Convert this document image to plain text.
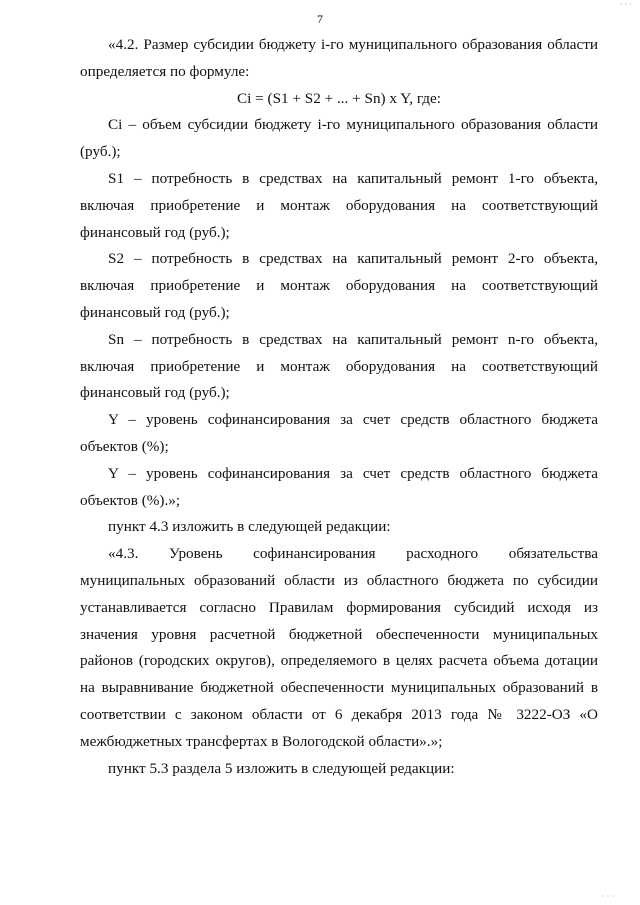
· · ·
7

«4.2. Размер субсидии бюджету i-го муниципального образования области определяется по формуле:

Ci = (S1 + S2 + ... + Sn) x Y, где:

Ci – объем субсидии бюджету i-го муниципального образования области (руб.);

S1 – потребность в средствах на капитальный ремонт 1-го объекта, включая приобретение и монтаж оборудования на соответствующий финансовый год (руб.);

S2 – потребность в средствах на капитальный ремонт 2-го объекта, включая приобретение и монтаж оборудования на соответствующий финансовый год (руб.);

Sn – потребность в средствах на капитальный ремонт n-го объекта, включая приобретение и монтаж оборудования на соответствующий финансовый год (руб.);

Y – уровень софинансирования за счет средств областного бюджета объектов (%);

Y – уровень софинансирования за счет средств областного бюджета объектов (%).»;

пункт 4.3 изложить в следующей редакции:

«4.3. Уровень софинансирования расходного обязательства муниципальных образований области из областного бюджета по субсидии устанавливается согласно Правилам формирования субсидий исходя из значения уровня расчетной бюджетной обеспеченности муниципальных районов (городских округов), определяемого в целях расчета объема дотации на выравнивание бюджетной обеспеченности муниципальных образований в соответствии с законом области от 6 декабря 2013 года № 3222-ОЗ «О межбюджетных трансфертах в Вологодской области».»;

пункт 5.3 раздела 5 изложить в следующей редакции:

· · ·
